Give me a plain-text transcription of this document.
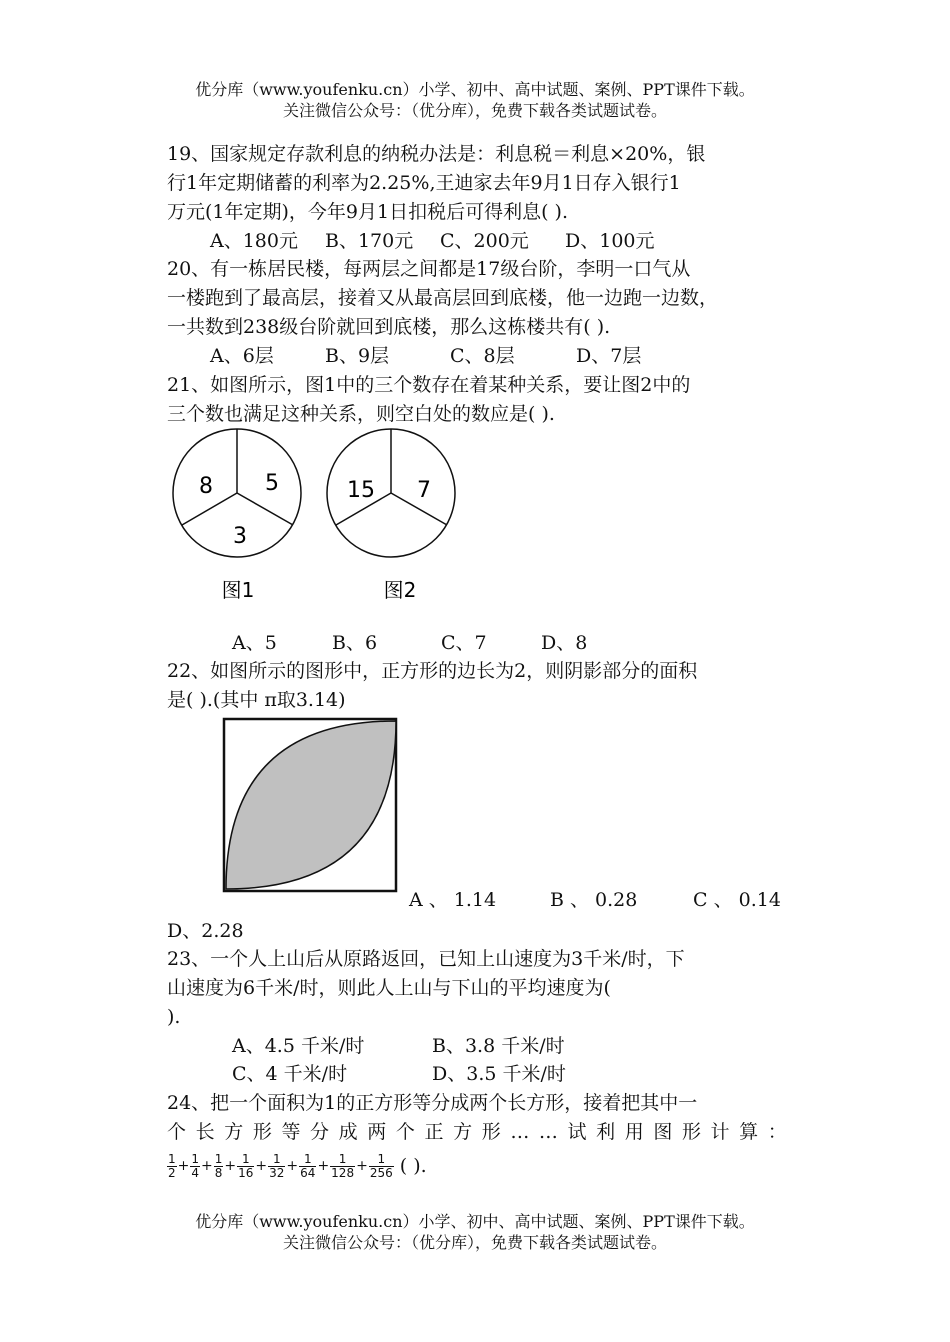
优分库（www.youfenku.cn）小学、初中、高中试题、案例、PPT课件下载。
关注微信公众号：（优分库），免费下载各类试题试卷。
19、国家规定存款利息的纳税办法是：利息税＝利息×20%，银
行1年定期储蓄的利率为2.25%,王迪家去年9月1日存入银行1
万元(1年定期)，今年9月1日扣税后可得利息( ).
A、180元 B、170元 C、200元 D、100元
20、有一栋居民楼，每两层之间都是17级台阶，李明一口气从
一楼跑到了最高层，接着又从最高层回到底楼，他一边跑一边数，
一共数到238级台阶就回到底楼，那么这栋楼共有( ).
A、6层	B、9层	C、8层	D、7层
21、如图所示，图1中的三个数存在着某种关系，要让图2中的
三个数也满足这种关系，则空白处的数应是( ).
8 5
3
15 7
图1	图2
A、5	B、6	C、7	D、8
22、如图所示的图形中，正方形的边长为2，则阴影部分的面积
是( ).(其中 π取3.14)
A 、 1.14	B 、 0.28	C 、 0.14
D、2.28
23、一个人上山后从原路返回，已知上山速度为3千米/时，下
山速度为6千米/时，则此人上山与下山的平均速度为(
).
A、4.5 千米/时	B、3.8 千米/时
C、4 千米/时	D、3.5 千米/时
24、把一个面积为1的正方形等分成两个长方形，接着把其中一
个 长 方 形 等 分 成 两 个 正 方 形 … … 试 利 用 图 形 计 算 ：
$\frac{1}{2} + \frac{1}{4} + \frac{1}{8} + \frac{1}{16} + \frac{1}{32} + \frac{1}{64} + \frac{1}{128} + \frac{1}{256}$ ( ).
优分库（www.youfenku.cn）小学、初中、高中试题、案例、PPT课件下载。
关注微信公众号：（优分库），免费下载各类试题试卷。
